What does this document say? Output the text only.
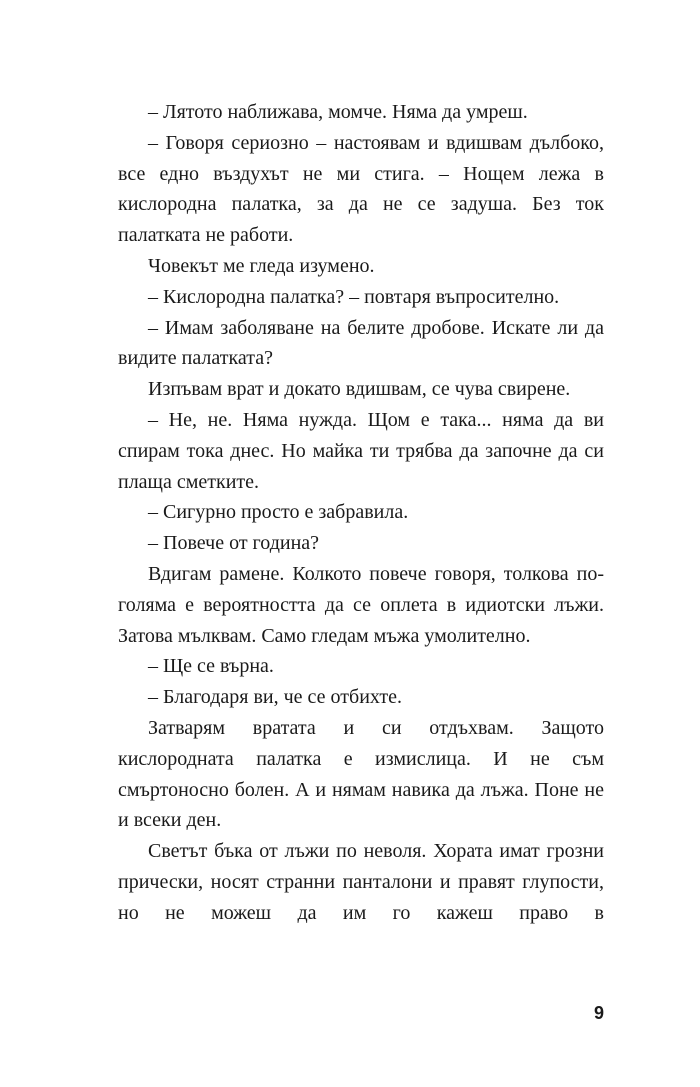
– Лятото наближава, момче. Няма да умреш.

– Говоря сериозно – настоявам и вдишвам дълбоко, все едно въздухът не ми стига. – Нощем лежа в кислородна палатка, за да не се задуша. Без ток палатката не работи.

Човекът ме гледа изумено.

– Кислородна палатка? – повтаря въпросително.

– Имам заболяване на белите дробове. Искате ли да видите палатката?

Изпъвам врат и докато вдишвам, се чува свирене.

– Не, не. Няма нужда. Щом е така... няма да ви спирам тока днес. Но майка ти трябва да започне да си плаща сметките.

– Сигурно просто е забравила.

– Повече от година?

Вдигам рамене. Колкото повече говоря, толкова по-голяма е вероятността да се оплета в идиотски лъжи. Затова мълквам. Само гледам мъжа умолително.

– Ще се върна.

– Благодаря ви, че се отбихте.

Затварям вратата и си отдъхвам. Защото кислородната палатка е измислица. И не съм смъртоносно болен. А и нямам навика да лъжа. Поне не и всеки ден.

Светът бъка от лъжи по неволя. Хората имат грозни прически, носят странни панталони и правят глупости, но не можеш да им го кажеш право в

9
